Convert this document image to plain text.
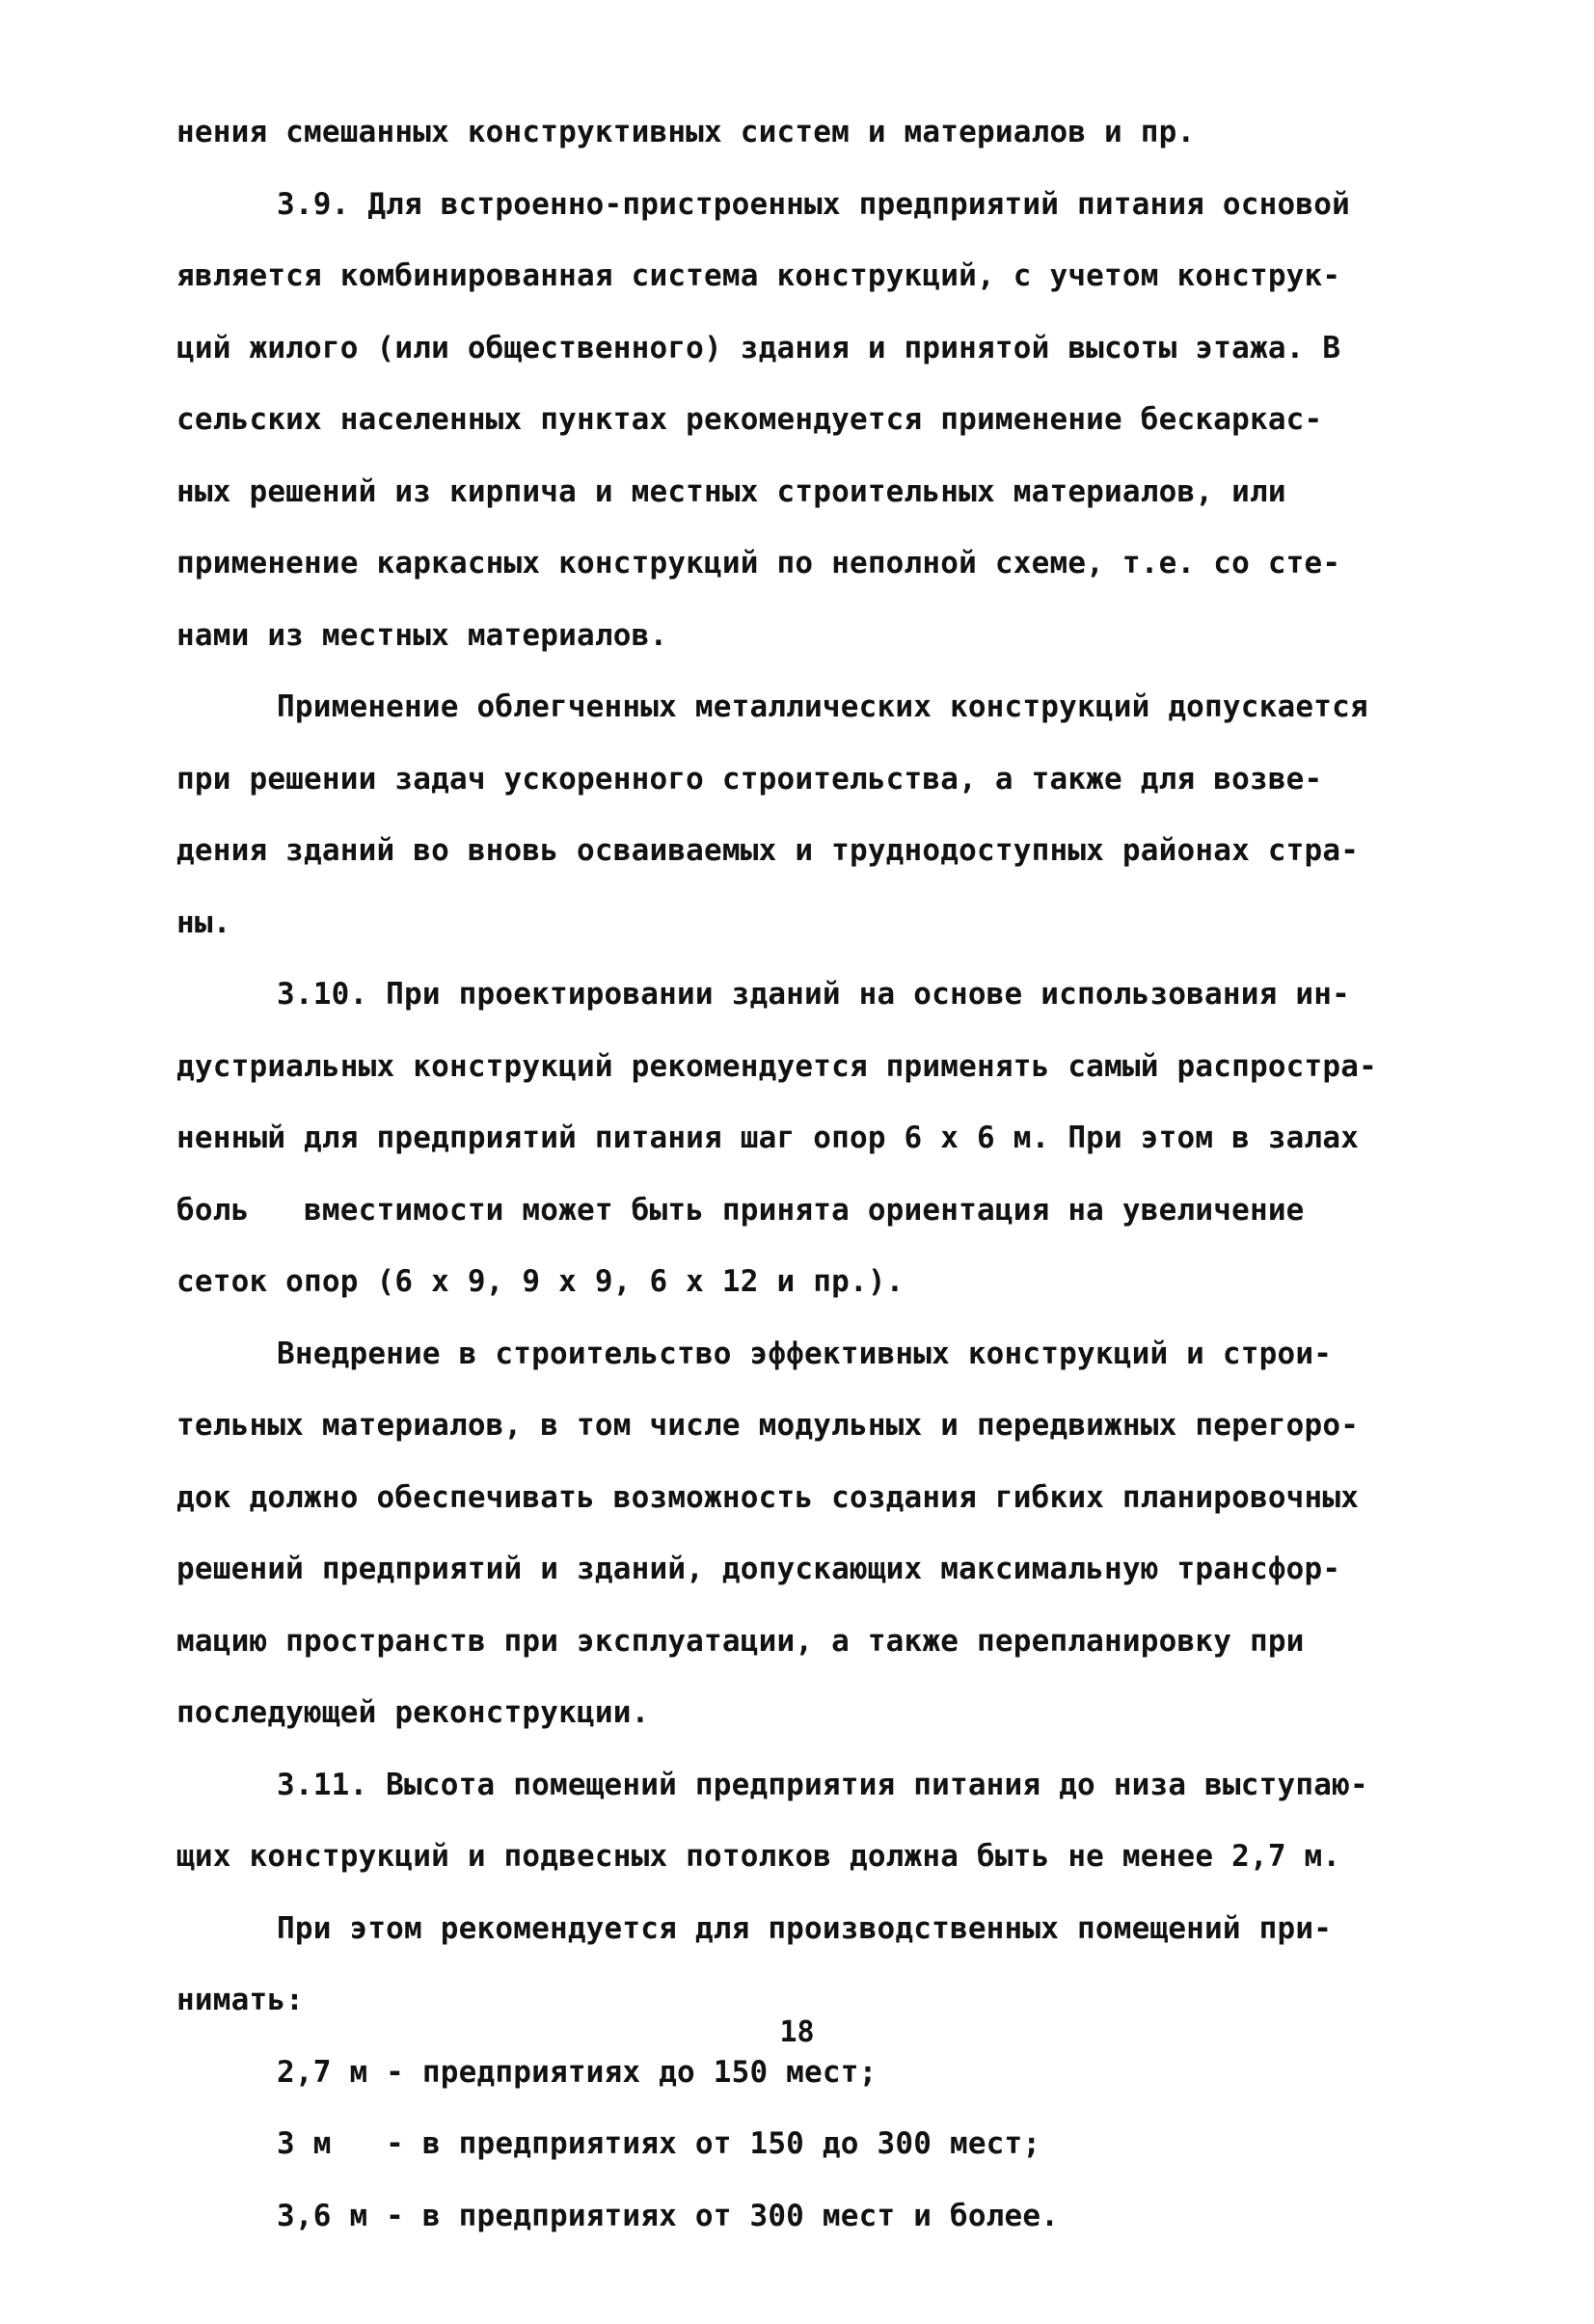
нения смешанных конструктивных систем и материалов и пр.
3.9. Для встроенно-пристроенных предприятий питания основой
является комбинированная система конструкций, с учетом конструк-
ций жилого (или общественного) здания и принятой высоты этажа. В
сельских населенных пунктах рекомендуется применение бескаркас-
ных решений из кирпича и местных строительных материалов, или
применение каркасных конструкций по неполной схеме, т.е. со сте-
нами из местных материалов.
Применение облегченных металлических конструкций допускается
при решении задач ускоренного строительства, а также для возве-
дения зданий во вновь осваиваемых и труднодоступных районах стра-
ны.
3.10. При проектировании зданий на основе использования ин-
дустриальных конструкций рекомендуется применять самый распростра-
ненный для предприятий питания шаг опор 6 х 6 м. При этом в залах
боль   вместимости может быть принята ориентация на увеличение
сеток опор (6 х 9, 9 х 9, 6 х 12 и пр.).
Внедрение в строительство эффективных конструкций и строи-
тельных материалов, в том числе модульных и передвижных перегоро-
док должно обеспечивать возможность создания гибких планировочных
решений предприятий и зданий, допускающих максимальную трансфор-
мацию пространств при эксплуатации, а также перепланировку при
последующей реконструкции.
3.11. Высота помещений предприятия питания до низа выступаю-
щих конструкций и подвесных потолков должна быть не менее 2,7 м.
При этом рекомендуется для производственных помещений при-
нимать:
2,7 м - предприятиях до 150 мест;
3 м   - в предприятиях от 150 до 300 мест;
3,6 м - в предприятиях от 300 мест и более.
18
